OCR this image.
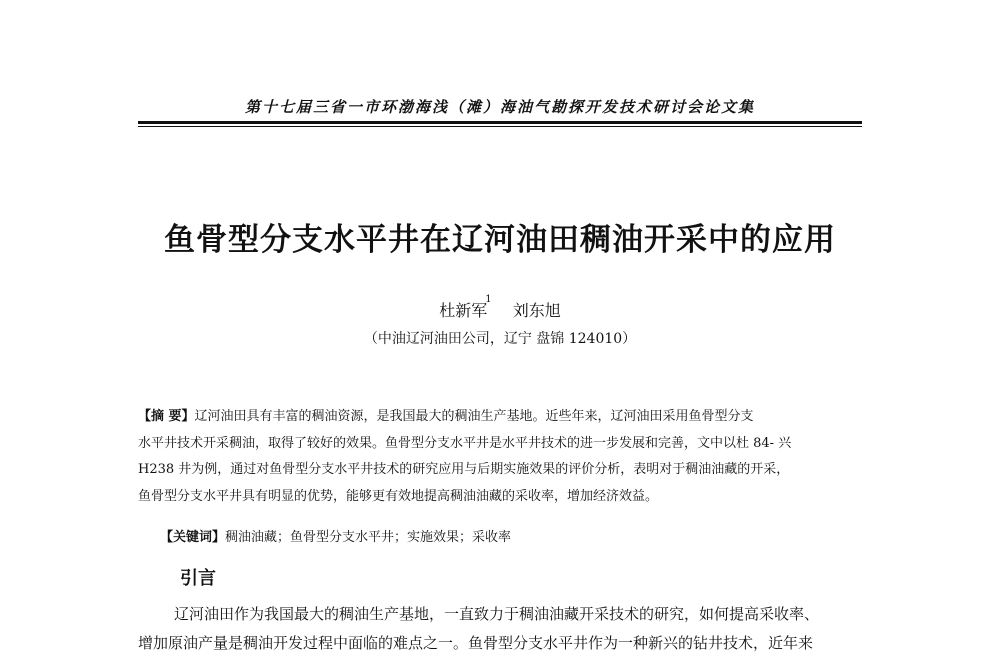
第十七届三省一市环渤海浅（滩）海油气勘探开发技术研讨会论文集
鱼骨型分支水平井在辽河油田稠油开采中的应用
杜新军$^1$ 刘东旭
（中油辽河油田公司，辽宁 盘锦 124010）
【摘 要】辽河油田具有丰富的稠油资源，是我国最大的稠油生产基地。近些年来，辽河油田采用鱼骨型分支
水平井技术开采稠油，取得了较好的效果。鱼骨型分支水平井是水平井技术的进一步发展和完善，文中以杜 84- 兴
H238 井为例，通过对鱼骨型分支水平井技术的研究应用与后期实施效果的评价分析，表明对于稠油油藏的开采，
鱼骨型分支水平井具有明显的优势，能够更有效地提高稠油油藏的采收率，增加经济效益。
【关键词】稠油油藏；鱼骨型分支水平井；实施效果；采收率
引言
辽河油田作为我国最大的稠油生产基地，一直致力于稠油油藏开采技术的研究，如何提高采收率、
增加原油产量是稠油开发过程中面临的难点之一。鱼骨型分支水平井作为一种新兴的钻井技术，近年来
